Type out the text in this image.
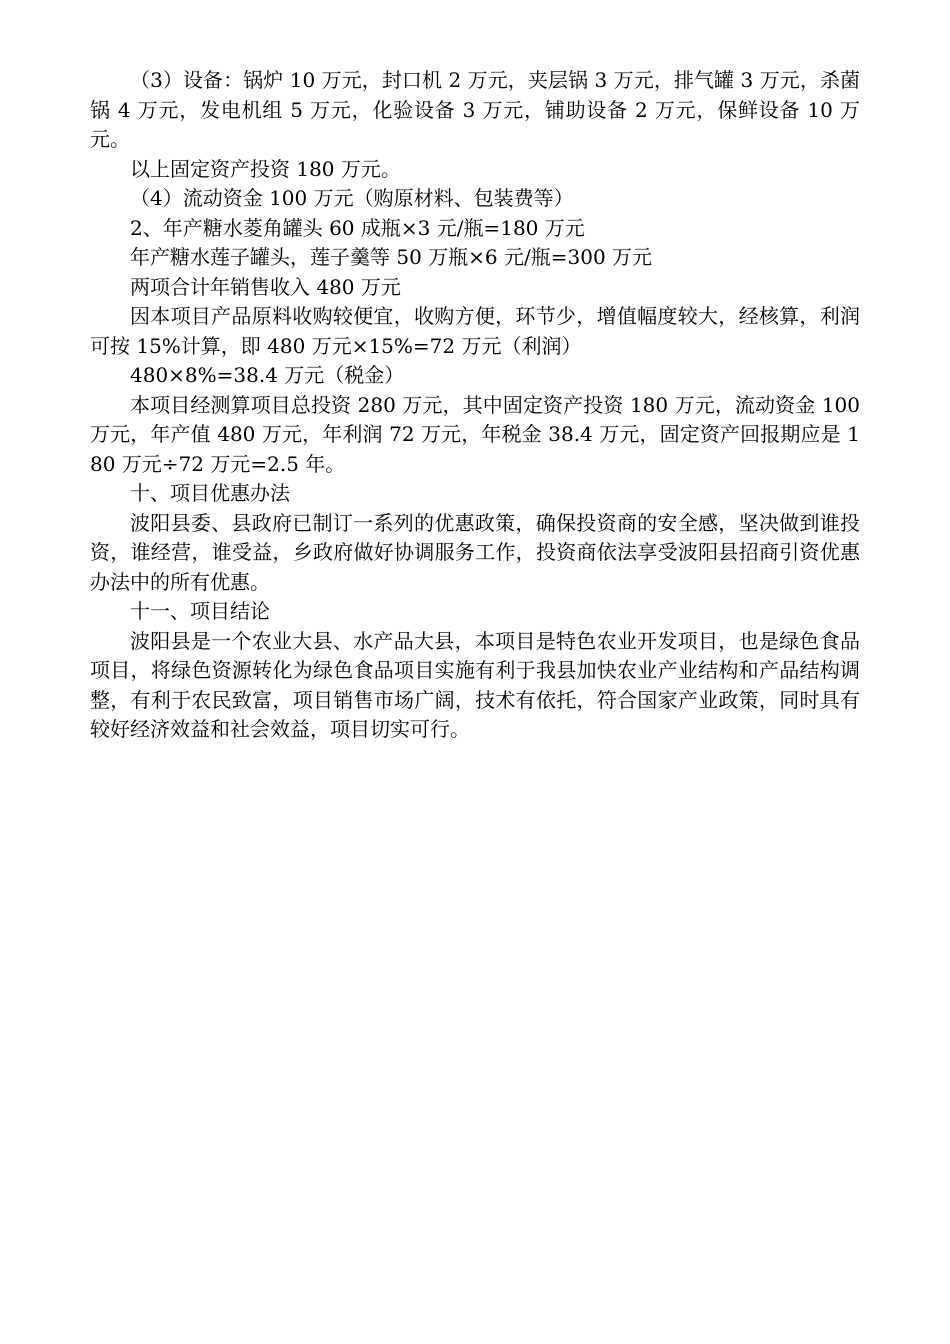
（3）设备：锅炉 10 万元，封口机 2 万元，夹层锅 3 万元，排气罐 3 万元，杀菌锅 4 万元，发电机组 5 万元，化验设备 3 万元，铺助设备 2 万元，保鲜设备 10 万元。

以上固定资产投资 180 万元。

（4）流动资金 100 万元（购原材料、包装费等）

2、年产糖水菱角罐头 60 成瓶×3 元/瓶=180 万元

年产糖水莲子罐头，莲子羹等 50 万瓶×6 元/瓶=300 万元

两项合计年销售收入 480 万元

因本项目产品原料收购较便宜，收购方便，环节少，增值幅度较大，经核算，利润可按 15%计算，即 480 万元×15%=72 万元（利润）

480×8%=38.4 万元（税金）

本项目经测算项目总投资 280 万元，其中固定资产投资 180 万元，流动资金 100 万元，年产值 480 万元，年利润 72 万元，年税金 38.4 万元，固定资产回报期应是 180 万元÷72 万元=2.5 年。

十、项目优惠办法

波阳县委、县政府已制订一系列的优惠政策，确保投资商的安全感，坚决做到谁投资，谁经营，谁受益，乡政府做好协调服务工作，投资商依法享受波阳县招商引资优惠办法中的所有优惠。

十一、项目结论

波阳县是一个农业大县、水产品大县，本项目是特色农业开发项目，也是绿色食品项目，将绿色资源转化为绿色食品项目实施有利于我县加快农业产业结构和产品结构调整，有利于农民致富，项目销售市场广阔，技术有依托，符合国家产业政策，同时具有较好经济效益和社会效益，项目切实可行。
